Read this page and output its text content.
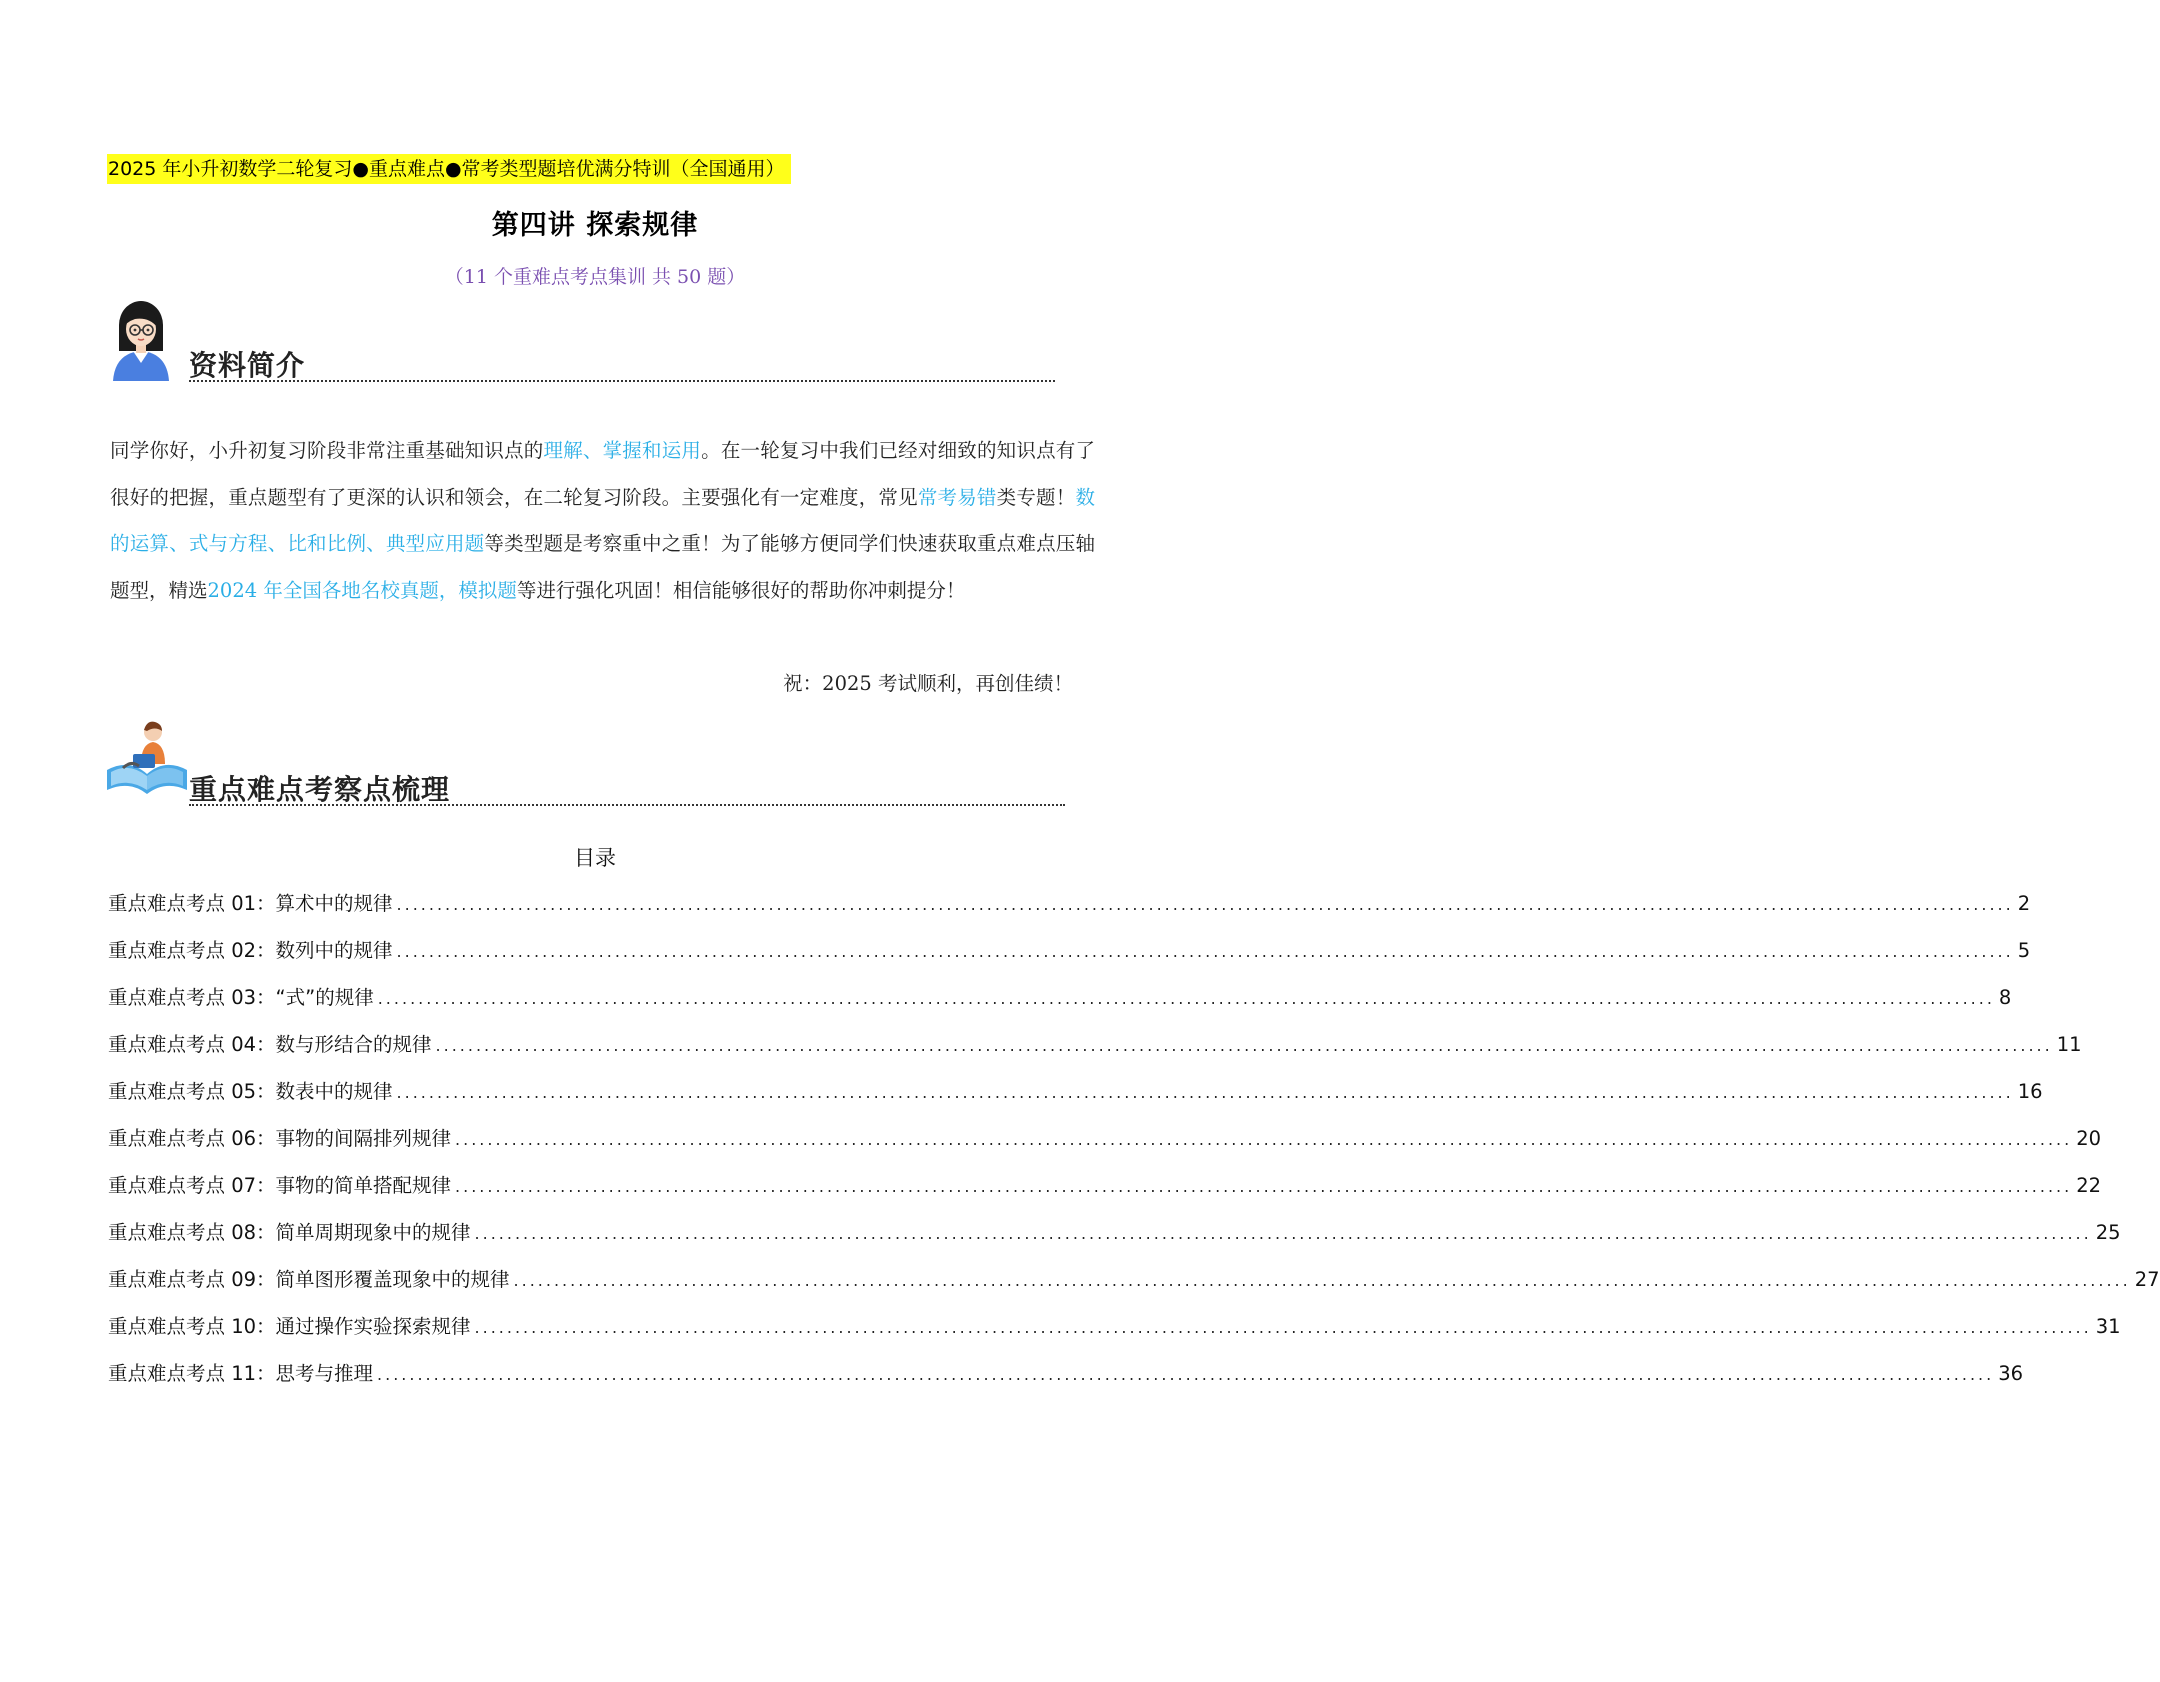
2025 年小升初数学二轮复习●重点难点●常考类型题培优满分特训（全国通用）
第四讲 探索规律
（11 个重难点考点集训 共 50 题）
资料简介
同学你好，小升初复习阶段非常注重基础知识点的理解、掌握和运用。在一轮复习中我们已经对细致的知识点有了很好的把握，重点题型有了更深的认识和领会，在二轮复习阶段。主要强化有一定难度，常见常考易错类专题！数的运算、式与方程、比和比例、典型应用题等类型题是考察重中之重！为了能够方便同学们快速获取重点难点压轴题型，精选2024 年全国各地名校真题，模拟题等进行强化巩固！相信能够很好的帮助你冲刺提分！
祝：2025 考试顺利，再创佳绩！
重点难点考察点梳理
目录
重点难点考点 01：算术中的规律 ........................................................................................................................................................................................................ 2
重点难点考点 02：数列中的规律 ........................................................................................................................................................................................................ 5
重点难点考点 03：“式”的规律 ........................................................................................................................................................................................................ 8
重点难点考点 04：数与形结合的规律 ........................................................................................................................................................................................................ 11
重点难点考点 05：数表中的规律 ........................................................................................................................................................................................................ 16
重点难点考点 06：事物的间隔排列规律 ........................................................................................................................................................................................................ 20
重点难点考点 07：事物的简单搭配规律 ........................................................................................................................................................................................................ 22
重点难点考点 08：简单周期现象中的规律 ........................................................................................................................................................................................................ 25
重点难点考点 09：简单图形覆盖现象中的规律 ........................................................................................................................................................................................................ 27
重点难点考点 10：通过操作实验探索规律 ........................................................................................................................................................................................................ 31
重点难点考点 11：思考与推理 ........................................................................................................................................................................................................ 36
